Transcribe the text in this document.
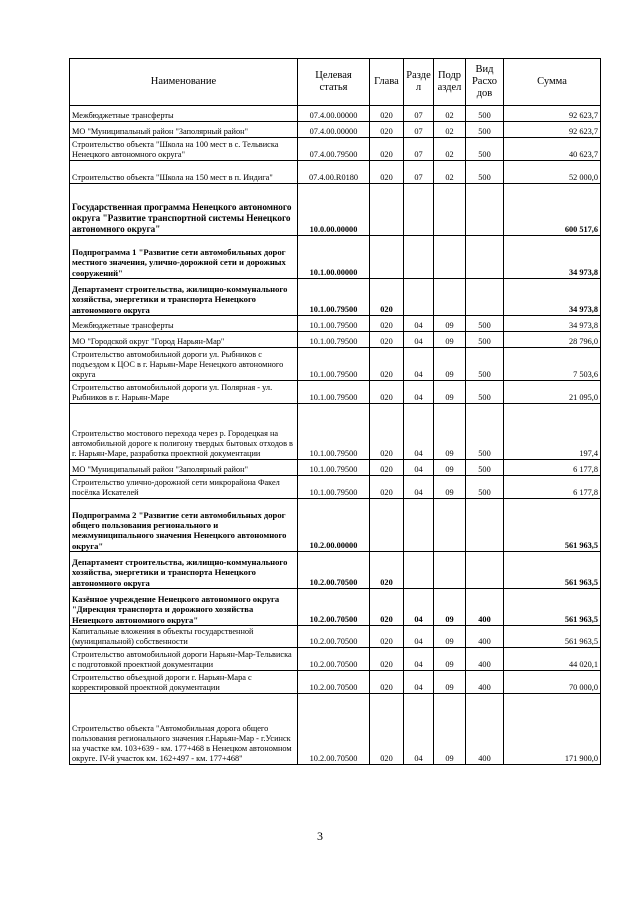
Наименование	Целевая статья	Глава	Разде л	Подр аздел	Вид Расхо дов	Сумма
Межбюджетные трансферты	07.4.00.00000	020	07	02	500	92 623,7
МО "Муниципальный район "Заполярный район"	07.4.00.00000	020	07	02	500	92 623,7
Строительство объекта "Школа на 100 мест в с. Тельвиска Ненецкого автономного округа"	07.4.00.79500	020	07	02	500	40 623,7
Строительство объекта "Школа на 150 мест в п. Индига"	07.4.00.R0180	020	07	02	500	52 000,0
Государственная программа Ненецкого автономного округа "Развитие транспортной системы Ненецкого автономного округа"	10.0.00.00000					600 517,6
Подпрограмма 1 "Развитие сети автомобильных дорог местного значения, улично-дорожной сети и дорожных сооружений"	10.1.00.00000					34 973,8
Департамент строительства, жилищно-коммунального хозяйства, энергетики и транспорта Ненецкого автономного округа	10.1.00.79500	020				34 973,8
Межбюджетные трансферты	10.1.00.79500	020	04	09	500	34 973,8
МО "Городской округ "Город Нарьян-Мар"	10.1.00.79500	020	04	09	500	28 796,0
Строительство автомобильной дороги ул. Рыбников с подъездом к ЦОС в г. Нарьян-Маре Ненецкого автономного округа	10.1.00.79500	020	04	09	500	7 503,6
Строительство автомобильной дороги ул. Полярная - ул. Рыбников в г. Нарьян-Маре	10.1.00.79500	020	04	09	500	21 095,0
Строительство мостового перехода через р. Городецкая на автомобильной дороге к полигону твердых бытовых отходов в г. Нарьян-Маре, разработка проектной документации	10.1.00.79500	020	04	09	500	197,4
МО "Муниципальный район "Заполярный район"	10.1.00.79500	020	04	09	500	6 177,8
Строительство улично-дорожной сети микрорайона Факел посёлка Искателей	10.1.00.79500	020	04	09	500	6 177,8
Подпрограмма 2 "Развитие сети автомобильных дорог общего пользования регионального и межмуниципального значения Ненецкого автономного округа"	10.2.00.00000					561 963,5
Департамент строительства, жилищно-коммунального хозяйства, энергетики и транспорта Ненецкого автономного округа	10.2.00.70500	020				561 963,5
Казённое учреждение Ненецкого автономного округа "Дирекция транспорта и дорожного хозяйства Ненецкого автономного округа"	10.2.00.70500	020	04	09	400	561 963,5
Капитальные вложения в объекты государственной (муниципальной) собственности	10.2.00.70500	020	04	09	400	561 963,5
Строительство автомобильной дороги Нарьян-Мар-Тельвиска с подготовкой проектной документации	10.2.00.70500	020	04	09	400	44 020,1
Строительство объездной дороги г. Нарьян-Мара с корректировкой проектной документации	10.2.00.70500	020	04	09	400	70 000,0
Строительство объекта "Автомобильная дорога общего пользования регионального значения г.Нарьян-Мар - г.Усинск на участке км. 103+639 - км. 177+468 в Ненецком автономном округе. IV-й участок км. 162+497 - км. 177+468"	10.2.00.70500	020	04	09	400	171 900,0
3
